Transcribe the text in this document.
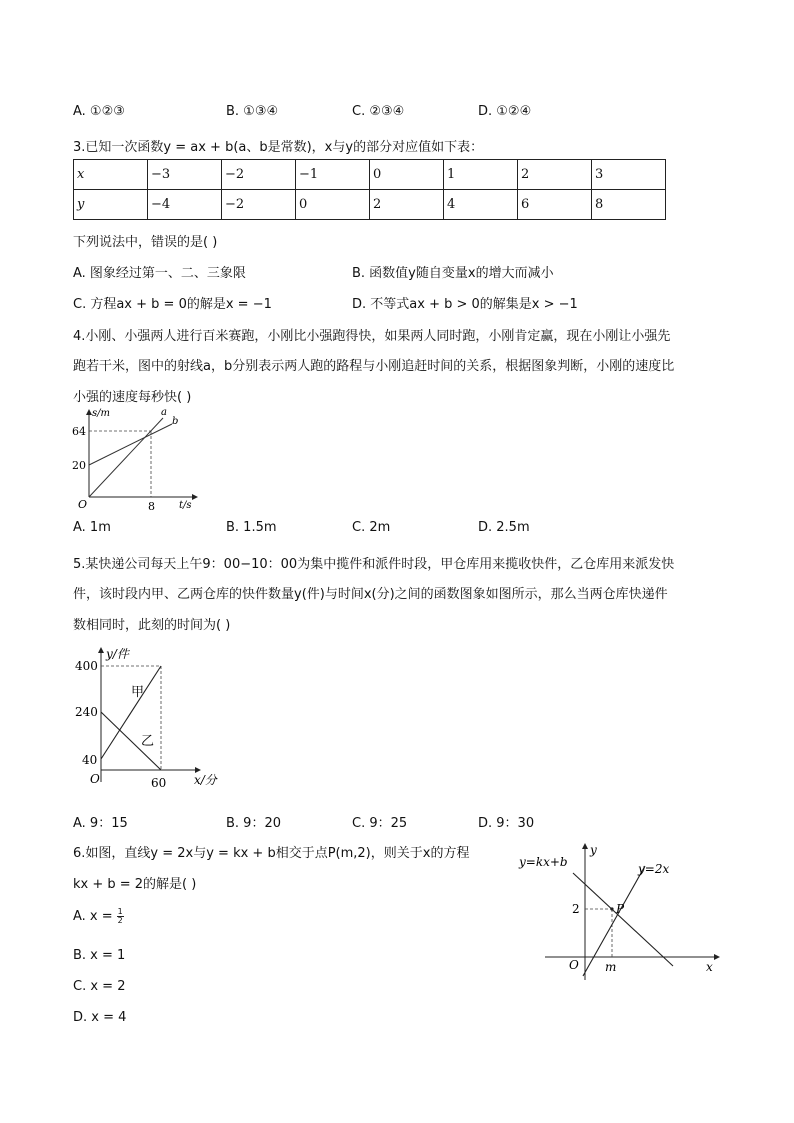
A. ①②③	B. ①③④	C. ②③④	D. ①②④
3.已知一次函数y = ax + b(a、b是常数)，x与y的部分对应值如下表：
x	−3	−2	−1	0	1	2	3
y	−4	−2	0	2	4	6	8
下列说法中，错误的是( )
A. 图象经过第一、二、三象限	B. 函数值y随自变量x的增大而减小
C. 方程ax + b = 0的解是x = −1	D. 不等式ax + b > 0的解集是x > −1
4.小刚、小强两人进行百米赛跑，小刚比小强跑得快，如果两人同时跑，小刚肯定赢，现在小刚让小强先
跑若干米，图中的射线a，b分别表示两人跑的路程与小刚追赶时间的关系，根据图象判断，小刚的速度比
小强的速度每秒快( )
s/m
t/s
O
64
20
8
a
b
A. 1m	B. 1.5m	C. 2m	D. 2.5m
5.某快递公司每天上午9：00−10：00为集中揽件和派件时段，甲仓库用来揽收快件，乙仓库用来派发快
件，该时段内甲、乙两仓库的快件数量y(件)与时间x(分)之间的函数图象如图所示，那么当两仓库快递件
数相同时，此刻的时间为( )
y/件
x/分
O
400
240
40
60
甲
乙
A. 9：15	B. 9：20	C. 9：25	D. 9：30
6.如图，直线y = 2x与y = kx + b相交于点P(m,2)，则关于x的方程
kx + b = 2的解是( )
A. $x = \frac{1}{2}$
B. x = 1
C. x = 2
D. x = 4
y=kx+b	y=2x
y
x
O
2
m
P
